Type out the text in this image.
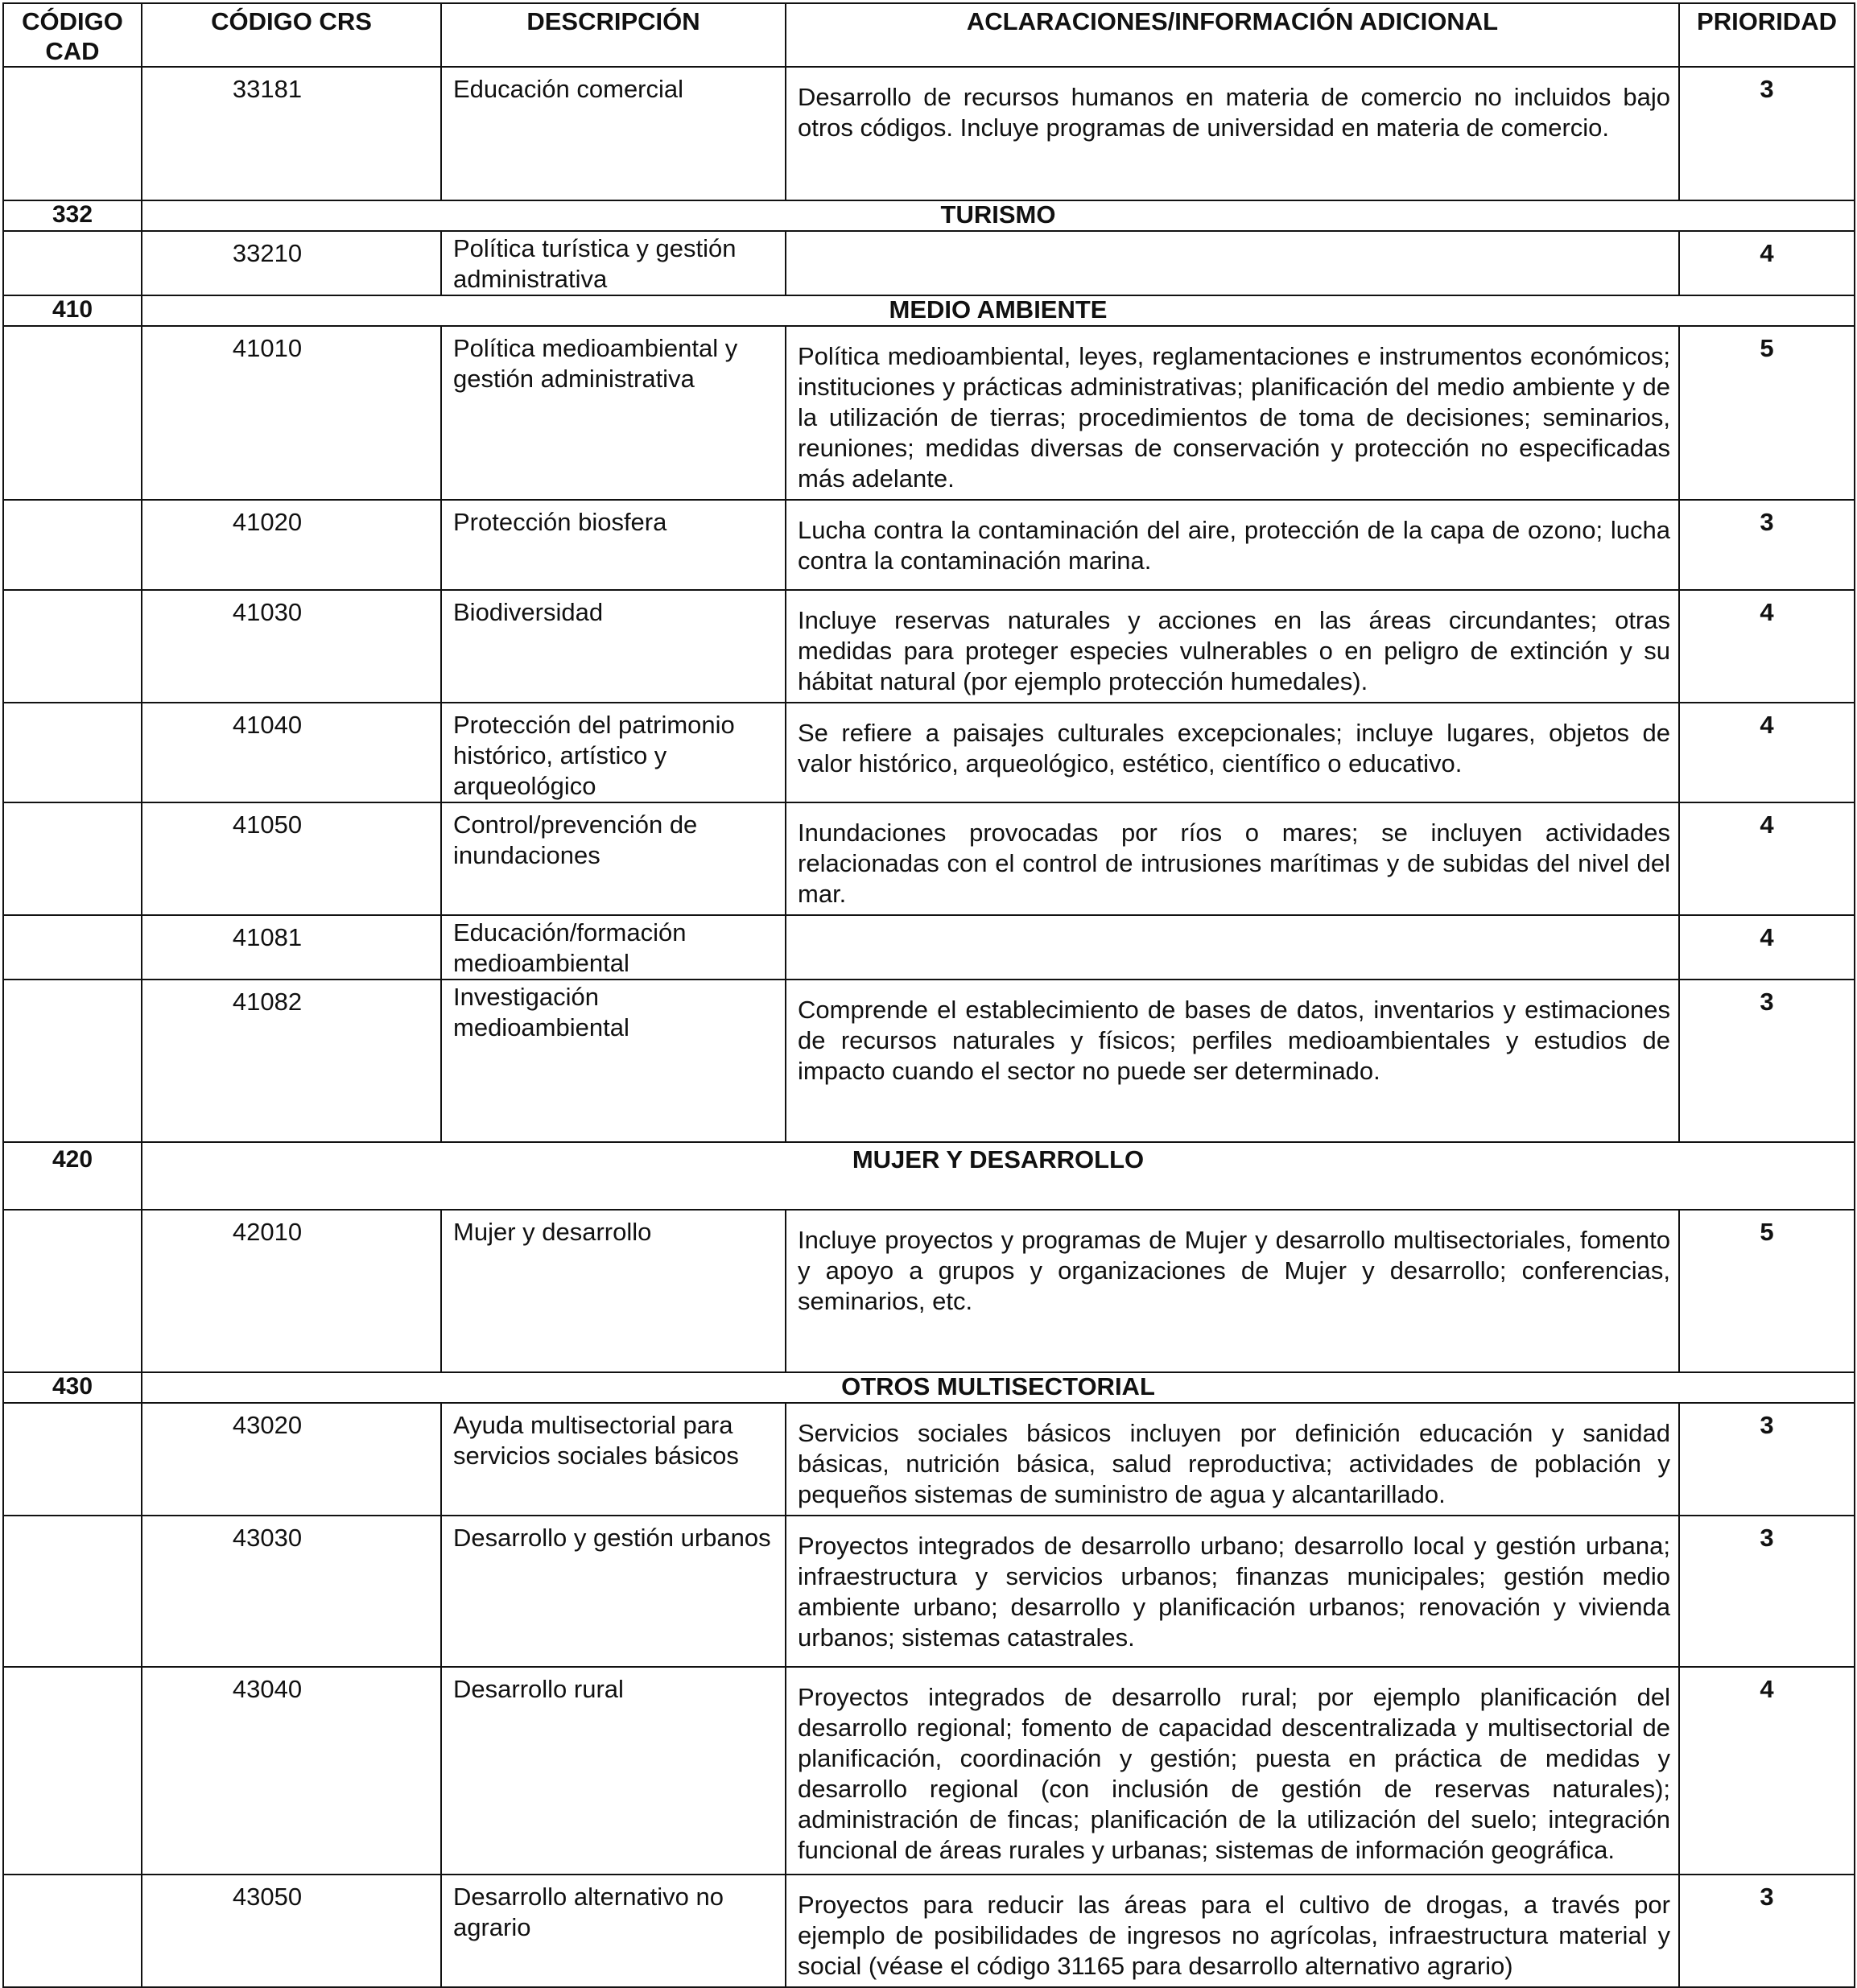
CÓDIGO CAD	CÓDIGO CRS	DESCRIPCIÓN	ACLARACIONES/INFORMACIÓN ADICIONAL	PRIORIDAD
	33181	Educación comercial	Desarrollo de recursos humanos en materia de comercio no incluidos bajo otros códigos. Incluye programas de universidad en materia de comercio.	3
332	TURISMO			
	33210	Política turística y gestión administrativa		4
410	MEDIO AMBIENTE			
	41010	Política medioambiental y gestión administrativa	Política medioambiental, leyes, reglamentaciones e instrumentos económicos; instituciones y prácticas administrativas; planificación del medio ambiente y de la utilización de tierras; procedimientos de toma de decisiones; seminarios, reuniones; medidas diversas de conservación y protección no especificadas más adelante.	5
	41020	Protección biosfera	Lucha contra la contaminación del aire, protección de la capa de ozono; lucha contra la contaminación marina.	3
	41030	Biodiversidad	Incluye reservas naturales y acciones en las áreas circundantes; otras medidas para proteger especies vulnerables o en peligro de extinción y su hábitat natural (por ejemplo protección humedales).	4
	41040	Protección del patrimonio histórico, artístico y arqueológico	Se refiere a paisajes culturales excepcionales; incluye lugares, objetos de valor histórico, arqueológico, estético, científico o educativo.	4
	41050	Control/prevención de inundaciones	Inundaciones provocadas por ríos o mares; se incluyen actividades relacionadas con el control de intrusiones marítimas y de subidas del nivel del mar.	4
	41081	Educación/formación medioambiental		4
	41082	Investigación medioambiental	Comprende el establecimiento de bases de datos, inventarios y estimaciones de recursos naturales y físicos; perfiles medioambientales y estudios de impacto cuando el sector no puede ser determinado.	3
420	MUJER Y DESARROLLO			
	42010	Mujer y desarrollo	Incluye proyectos y programas de Mujer y desarrollo multisectoriales, fomento y apoyo a grupos y organizaciones de Mujer y desarrollo; conferencias, seminarios, etc.	5
430	OTROS MULTISECTORIAL			
	43020	Ayuda multisectorial para servicios sociales básicos	Servicios sociales básicos incluyen por definición educación y sanidad básicas, nutrición básica, salud reproductiva; actividades de población y pequeños sistemas de suministro de agua y alcantarillado.	3
	43030	Desarrollo y gestión urbanos	Proyectos integrados de desarrollo urbano; desarrollo local y gestión urbana; infraestructura y servicios urbanos; finanzas municipales; gestión medio ambiente urbano; desarrollo y planificación urbanos; renovación y vivienda urbanos; sistemas catastrales.	3
	43040	Desarrollo rural	Proyectos integrados de desarrollo rural; por ejemplo planificación del desarrollo regional; fomento de capacidad descentralizada y multisectorial de planificación, coordinación y gestión; puesta en práctica de medidas y desarrollo regional (con inclusión de gestión de reservas naturales); administración de fincas; planificación de la utilización del suelo; integración funcional de áreas rurales y urbanas; sistemas de información geográfica.	4
	43050	Desarrollo alternativo no agrario	Proyectos para reducir las áreas para el cultivo de drogas, a través por ejemplo de posibilidades de ingresos no agrícolas, infraestructura material y social (véase el código 31165 para desarrollo alternativo agrario)	3
